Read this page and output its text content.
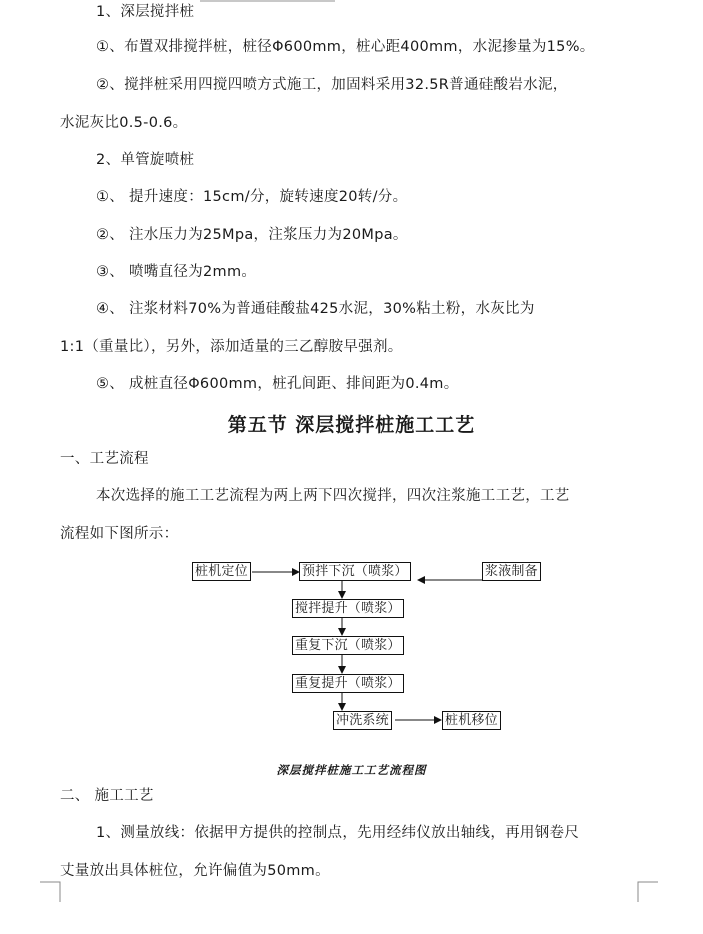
1、深层搅拌桩
①、布置双排搅拌桩，桩径Φ600mm，桩心距400mm，水泥掺量为15%。
②、搅拌桩采用四搅四喷方式施工，加固料采用32.5R普通硅酸岩水泥，
水泥灰比0.5-0.6。
2、单管旋喷桩
①、 提升速度：15cm/分，旋转速度20转/分。
②、 注水压力为25Mpa，注浆压力为20Mpa。
③、 喷嘴直径为2mm。
④、 注浆材料70%为普通硅酸盐425水泥，30%粘土粉，水灰比为
1:1（重量比），另外，添加适量的三乙醇胺早强剂。
⑤、 成桩直径Φ600mm，桩孔间距、排间距为0.4m。
第五节 深层搅拌桩施工工艺
一、工艺流程
本次选择的施工工艺流程为两上两下四次搅拌，四次注浆施工工艺，工艺
流程如下图所示：
桩机定位	预拌下沉（喷浆）	浆液制备
搅拌提升（喷浆）
重复下沉（喷浆）
重复提升（喷浆）
冲洗系统	桩机移位
深层搅拌桩施工工艺流程图
二、 施工工艺
1、测量放线：依据甲方提供的控制点，先用经纬仪放出轴线，再用钢卷尺
丈量放出具体桩位，允许偏值为50mm。
